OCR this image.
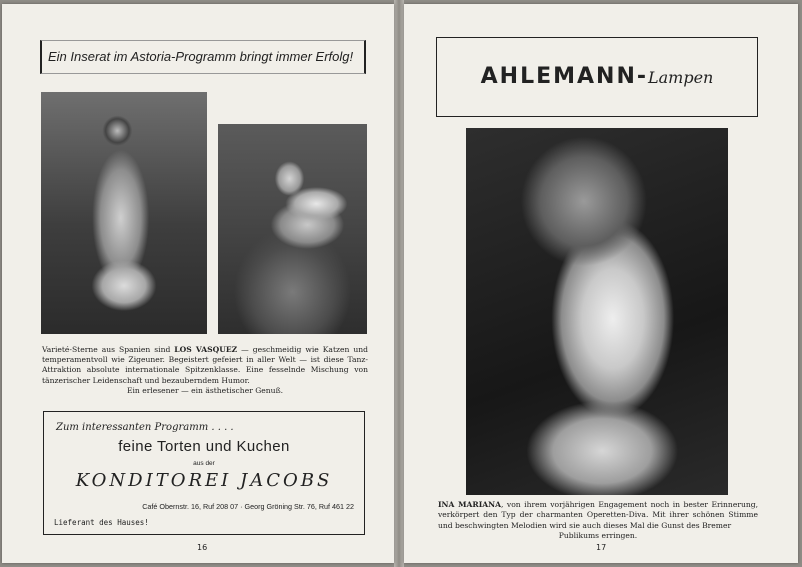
Ein Inserat im Astoria-Programm bringt immer Erfolg!
Varieté-Sterne aus Spanien sind LOS VASQUEZ — geschmeidig wie Katzen und temperamentvoll wie Zigeuner. Begeistert gefeiert in aller Welt — ist diese Tanz-Attraktion absolute internationale Spitzenklasse. Eine fesselnde Mischung von tänzerischer Leidenschaft und bezauberndem Humor.
Ein erlesener — ein ästhetischer Genuß.
Zum interessanten Programm . . . .
feine Torten und Kuchen
aus der
KONDITOREI JACOBS
Café Obernstr. 16, Ruf 208 07 · Georg Gröning Str. 76, Ruf 461 22
Lieferant des Hauses!
16
AHLEMANN-Lampen
INA MARIANA, von ihrem vorjährigen Engagement noch in bester Erinnerung, verkörpert den Typ der charmanten Operetten-Diva. Mit ihrer schönen Stimme und beschwingten Melodien wird sie auch dieses Mal die Gunst des Bremer
Publikums erringen.
17
